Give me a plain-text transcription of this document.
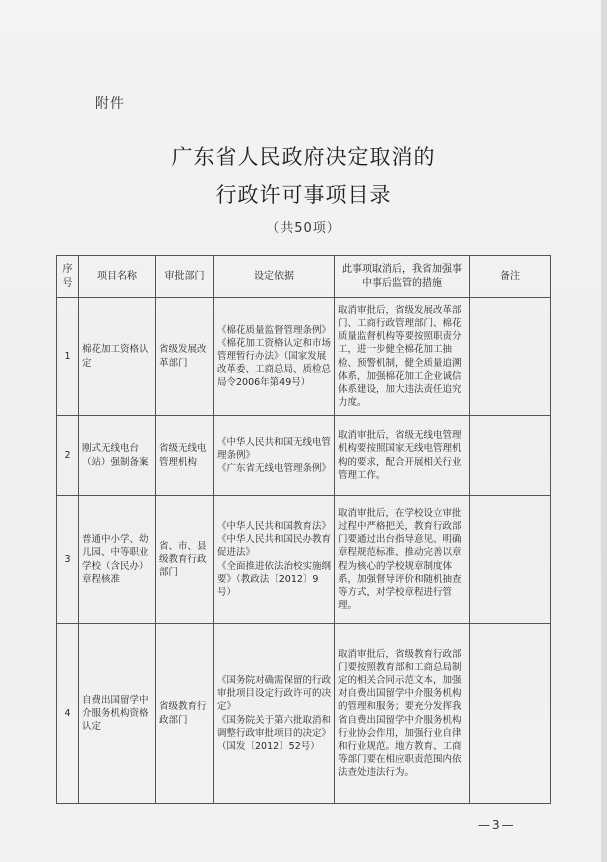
附件
广东省人民政府决定取消的
行政许可事项目录
（共50项）
序号	项目名称	审批部门	设定依据	此事项取消后，我省加强事中事后监管的措施	备注
1	棉花加工资格认定	省级发展改革部门	《棉花质量监督管理条例》
《棉花加工资格认定和市场管理暂行办法》（国家发展改革委、工商总局、质检总局令2006年第49号）	取消审批后，省级发展改革部门、工商行政管理部门、棉花质量监督机构等要按照职责分工，进一步健全棉花加工抽检、预警机制，健全质量追溯体系，加强棉花加工企业诚信体系建设，加大违法责任追究力度。	
2	刚式无线电台（站）强制备案	省级无线电管理机构	《中华人民共和国无线电管理条例》
《广东省无线电管理条例》	取消审批后，省级无线电管理机构要按照国家无线电管理机构的要求，配合开展相关行业管理工作。	
3	普通中小学、幼儿园、中等职业学校（含民办）章程核准	省、市、县级教育行政部门	《中华人民共和国教育法》
《中华人民共和国民办教育促进法》
《全面推进依法治校实施纲要》（教政法〔2012〕9号）	取消审批后，在学校设立审批过程中严格把关，教育行政部门要通过出台指导意见、明确章程规范标准、推动完善以章程为核心的学校规章制度体系，加强督导评价和随机抽查等方式，对学校章程进行管理。	
4	自费出国留学中介服务机构资格认定	省级教育行政部门	《国务院对确需保留的行政审批项目设定行政许可的决定》
《国务院关于第六批取消和调整行政审批项目的决定》（国发〔2012〕52号）	取消审批后，省级教育行政部门要按照教育部和工商总局制定的相关合同示范文本，加强对自费出国留学中介服务机构的管理和服务；要充分发挥我省自费出国留学中介服务机构行业协会作用，加强行业自律和行业规范。地方教育、工商等部门要在相应职责范围内依法查处违法行为。	
—3—
